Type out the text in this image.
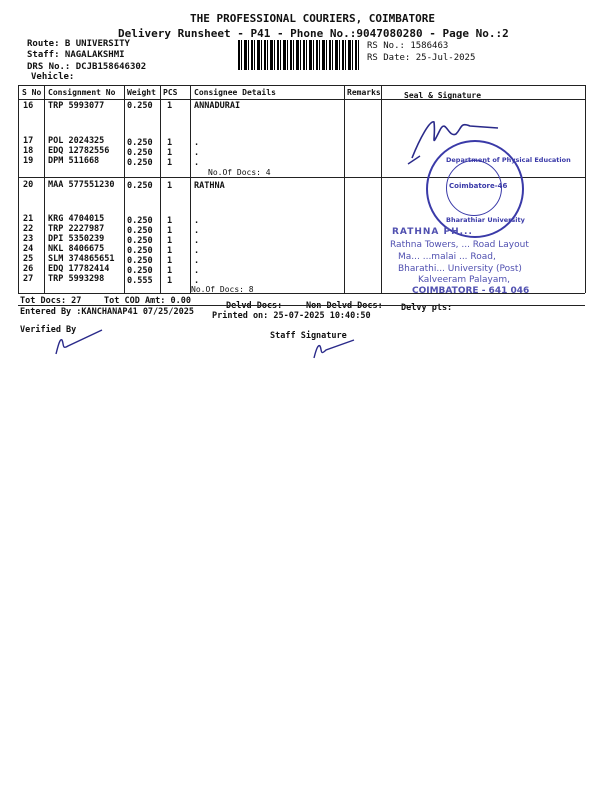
THE PROFESSIONAL COURIERS, COIMBATORE
Delivery Runsheet - P41 - Phone No.:9047080280 - Page No.:2
Route: B UNIVERSITY
Staff: NAGALAKSHMI
DRS No.: DCJB158646302
Vehicle:
RS No.: 1586463
RS Date: 25-Jul-2025
S No Consignment No Weight PCS Consignee Details	Remarks	Seal & Signature
16 TRP 5993077	0.250 1	ANNADURAI
17 POL 2024325	0.250 1	.
18 EDQ 12782556 0.250 1	.
19 DPM 511668	0.250 1	.
No.Of Docs: 4
20 MAA 577551230 0.250 1	RATHNA
21 KRG 4704015	0.250 1	.
22 TRP 2227987	0.250 1	.
23 DPI 5350239	0.250 1	.
24 NKL 8406675	0.250 1	.
25 SLM 374865651 0.250 1	.
26 EDQ 17782414 0.250 1	.
27 TRP 5993298	0.555 1	.
No.Of Docs: 8
Department of Physical Education
Coimbatore-46
Bharathiar University
RATHNA PH...
Rathna Towers, ... Road Layout
Ma... ...malai ... Road,
Bharathi... University (Post)
Kalveeram Palayam,
COIMBATORE - 641 046
Tot Docs: 27	Tot COD Amt: 0.00	Delvd Docs:	Non Delvd Docs: Delvy pts:
Entered By :KANCHANAP41 07/25/2025 Printed on: 25-07-2025 10:40:50
Verified By
Staff Signature
